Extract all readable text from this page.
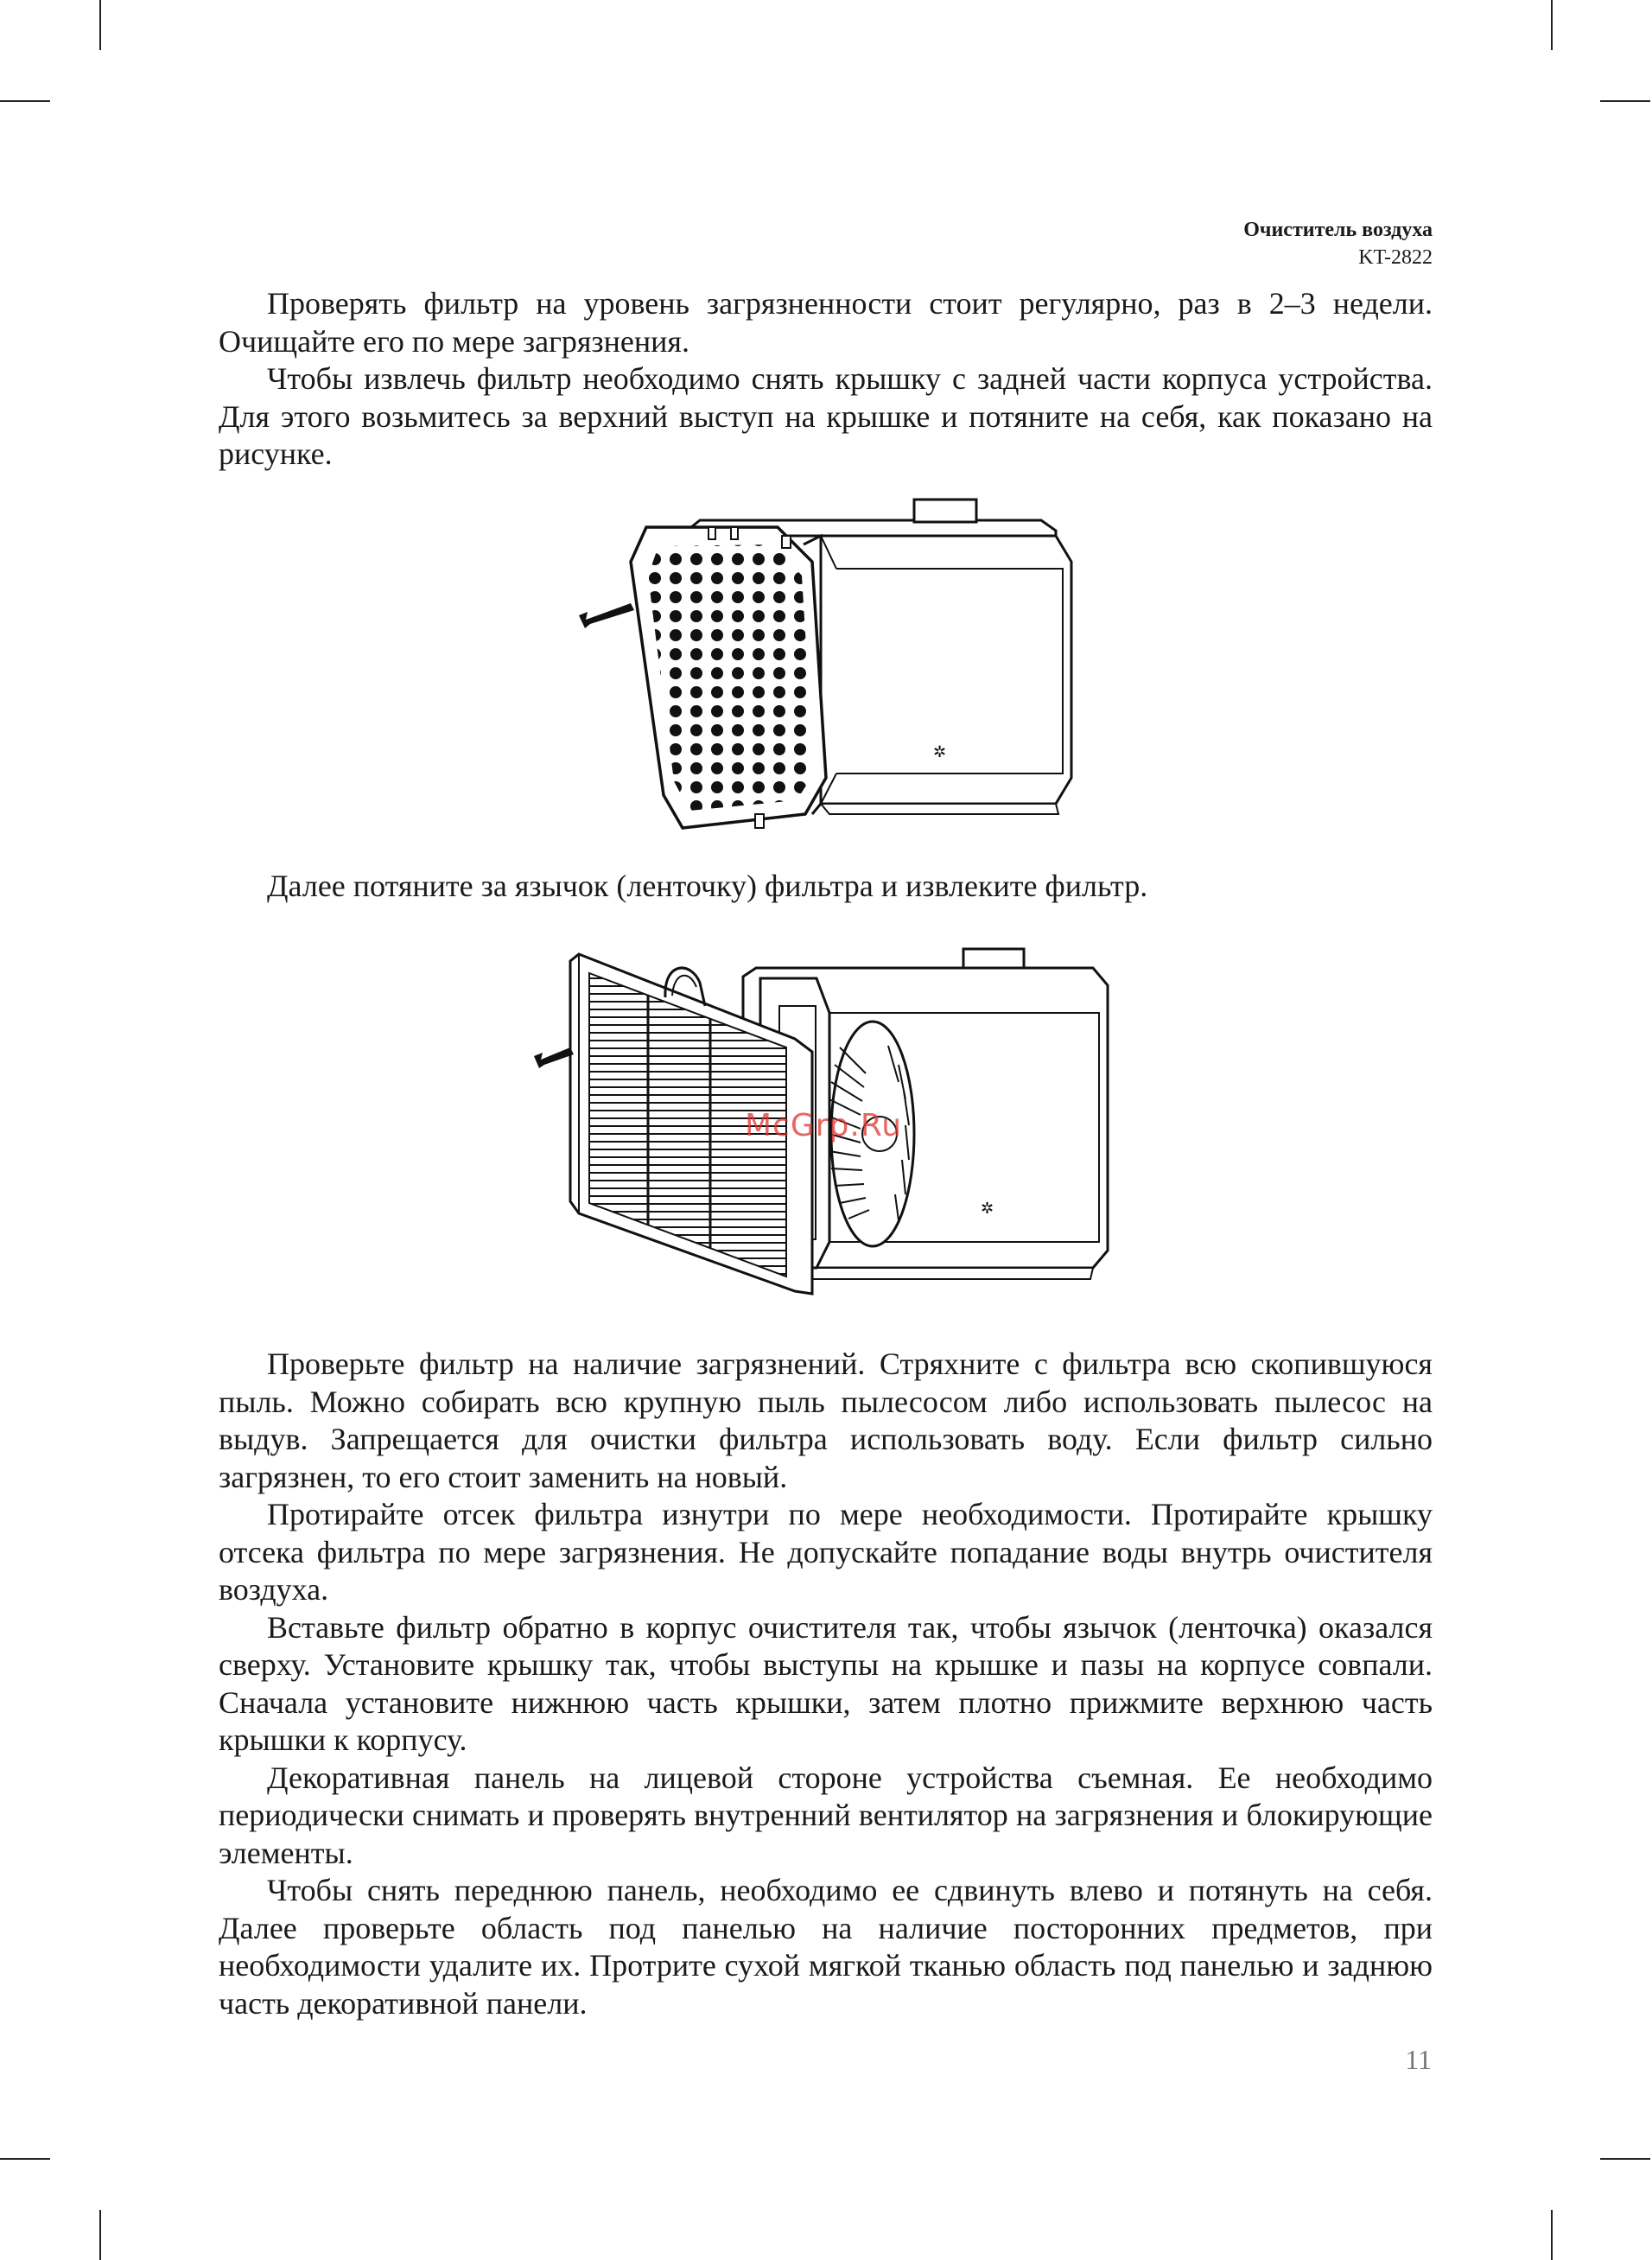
Очиститель воздуха
KT-2822

Проверять фильтр на уровень загрязненности стоит регулярно, раз в 2–3 недели. Очищайте его по мере загрязнения.

Чтобы извлечь фильтр необходимо снять крышку с задней части корпуса устройства. Для этого возьмитесь за верхний выступ на крышке и потяните на себя, как показано на рисунке.

✲

Далее потяните за язычок (ленточку) фильтра и извлеките фильтр.

✲
McGrp.Ru

Проверьте фильтр на наличие загрязнений. Стряхните с фильтра всю скопившуюся пыль. Можно собирать всю крупную пыль пылесосом либо использовать пылесос на выдув. Запрещается для очистки фильтра использовать воду. Если фильтр сильно загрязнен, то его стоит заменить на новый.

Протирайте отсек фильтра изнутри по мере необходимости. Протирайте крышку отсека фильтра по мере загрязнения. Не допускайте попадание воды внутрь очистителя воздуха.

Вставьте фильтр обратно в корпус очистителя так, чтобы язычок (ленточка) оказался сверху. Установите крышку так, чтобы выступы на крышке и пазы на корпусе совпали. Сначала установите нижнюю часть крышки, затем плотно прижмите верхнюю часть крышки к корпусу.

Декоративная панель на лицевой стороне устройства съемная. Ее необходимо периодически снимать и проверять внутренний вентилятор на загрязнения и блокирующие элементы.

Чтобы снять переднюю панель, необходимо ее сдвинуть влево и потянуть на себя. Далее проверьте область под панелью на наличие посторонних предметов, при необходимости удалите их. Протрите сухой мягкой тканью область под панелью и заднюю часть декоративной панели.

11
